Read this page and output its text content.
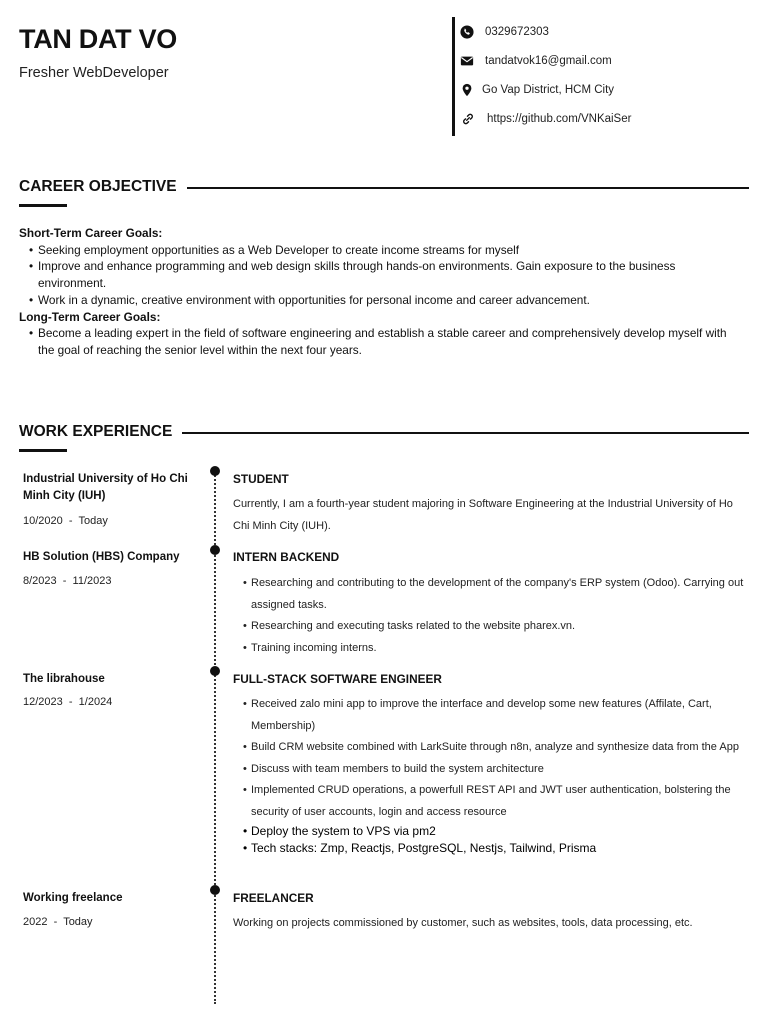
TAN DAT VO
Fresher WebDeveloper
0329672303
tandatvok16@gmail.com
Go Vap District, HCM City
https://github.com/VNKaiSer
CAREER OBJECTIVE
Short-Term Career Goals:
• Seeking employment opportunities as a Web Developer to create income streams for myself
• Improve and enhance programming and web design skills through hands-on environments. Gain exposure to the business environment.
• Work in a dynamic, creative environment with opportunities for personal income and career advancement.
Long-Term Career Goals:
• Become a leading expert in the field of software engineering and establish a stable career and comprehensively develop myself with the goal of reaching the senior level within the next four years.
WORK EXPERIENCE
Industrial University of Ho Chi Minh City (IUH)
10/2020  -  Today
STUDENT
Currently, I am a fourth-year student majoring in Software Engineering at the Industrial University of Ho Chi Minh City (IUH).
HB Solution (HBS) Company
8/2023  -  11/2023
INTERN BACKEND
• Researching and contributing to the development of the company's ERP system (Odoo). Carrying out assigned tasks.
• Researching and executing tasks related to the website pharex.vn.
• Training incoming interns.
The librahouse
12/2023  -  1/2024
FULL-STACK SOFTWARE ENGINEER
• Received zalo mini app to improve the interface and develop some new features (Affilate, Cart, Membership)
• Build CRM website combined with LarkSuite through n8n, analyze and synthesize data from the App
• Discuss with team members to build the system architecture
• Implemented CRUD operations, a powerfull REST API and JWT user authentication, bolstering the security of user accounts, login and access resource
• Deploy the system to VPS via pm2
• Tech stacks: Zmp, Reactjs, PostgreSQL, Nestjs, Tailwind, Prisma
Working freelance
2022  -  Today
FREELANCER
Working on projects commissioned by customer, such as websites, tools, data processing, etc.
